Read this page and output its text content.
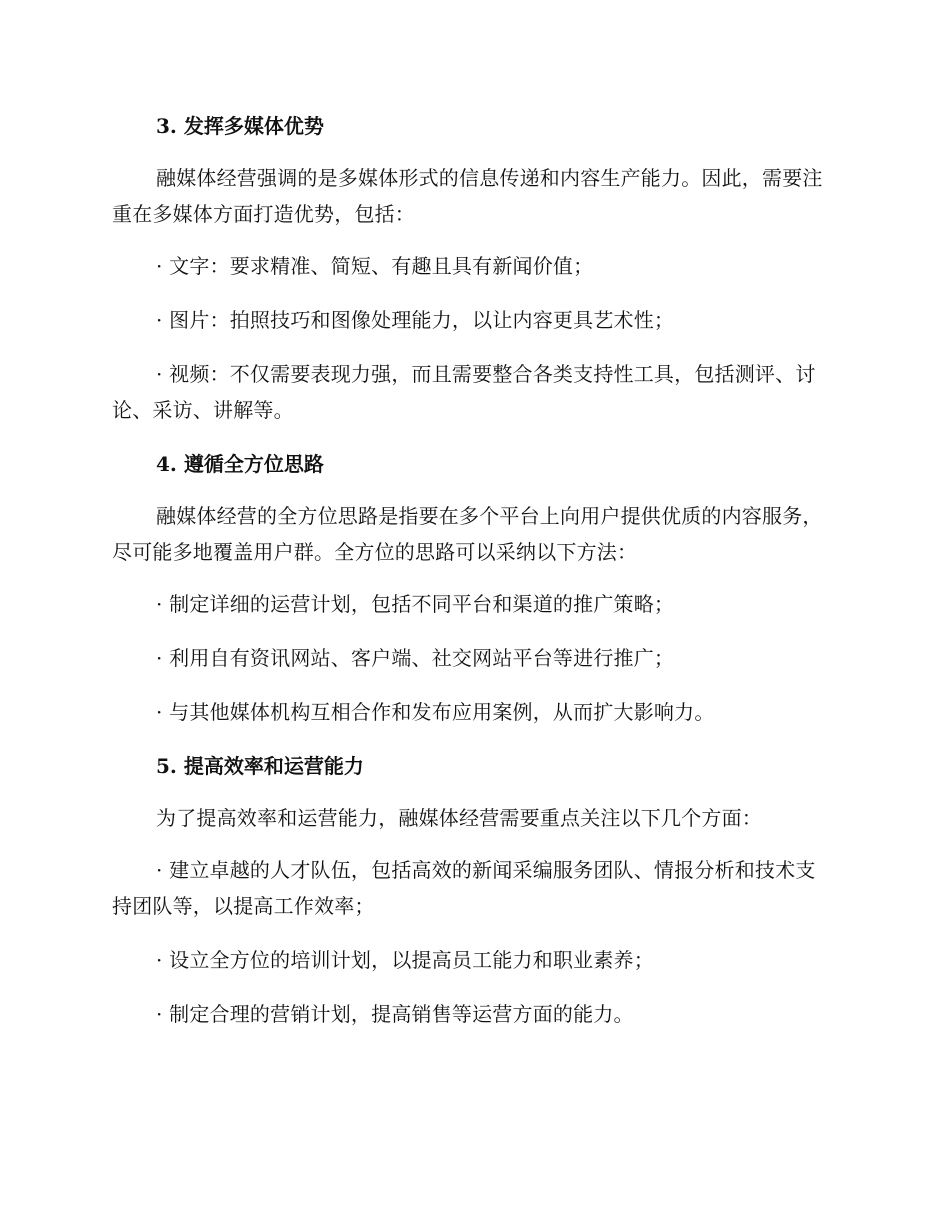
3. 发挥多媒体优势

融媒体经营强调的是多媒体形式的信息传递和内容生产能力。因此，需要注重在多媒体方面打造优势，包括：

· 文字：要求精准、简短、有趣且具有新闻价值；

· 图片：拍照技巧和图像处理能力，以让内容更具艺术性；

· 视频：不仅需要表现力强，而且需要整合各类支持性工具，包括测评、讨论、采访、讲解等。

4. 遵循全方位思路

融媒体经营的全方位思路是指要在多个平台上向用户提供优质的内容服务，尽可能多地覆盖用户群。全方位的思路可以采纳以下方法：

· 制定详细的运营计划，包括不同平台和渠道的推广策略；

· 利用自有资讯网站、客户端、社交网站平台等进行推广；

· 与其他媒体机构互相合作和发布应用案例，从而扩大影响力。

5. 提高效率和运营能力

为了提高效率和运营能力，融媒体经营需要重点关注以下几个方面：

· 建立卓越的人才队伍，包括高效的新闻采编服务团队、情报分析和技术支持团队等，以提高工作效率；

· 设立全方位的培训计划，以提高员工能力和职业素养；

· 制定合理的营销计划，提高销售等运营方面的能力。
